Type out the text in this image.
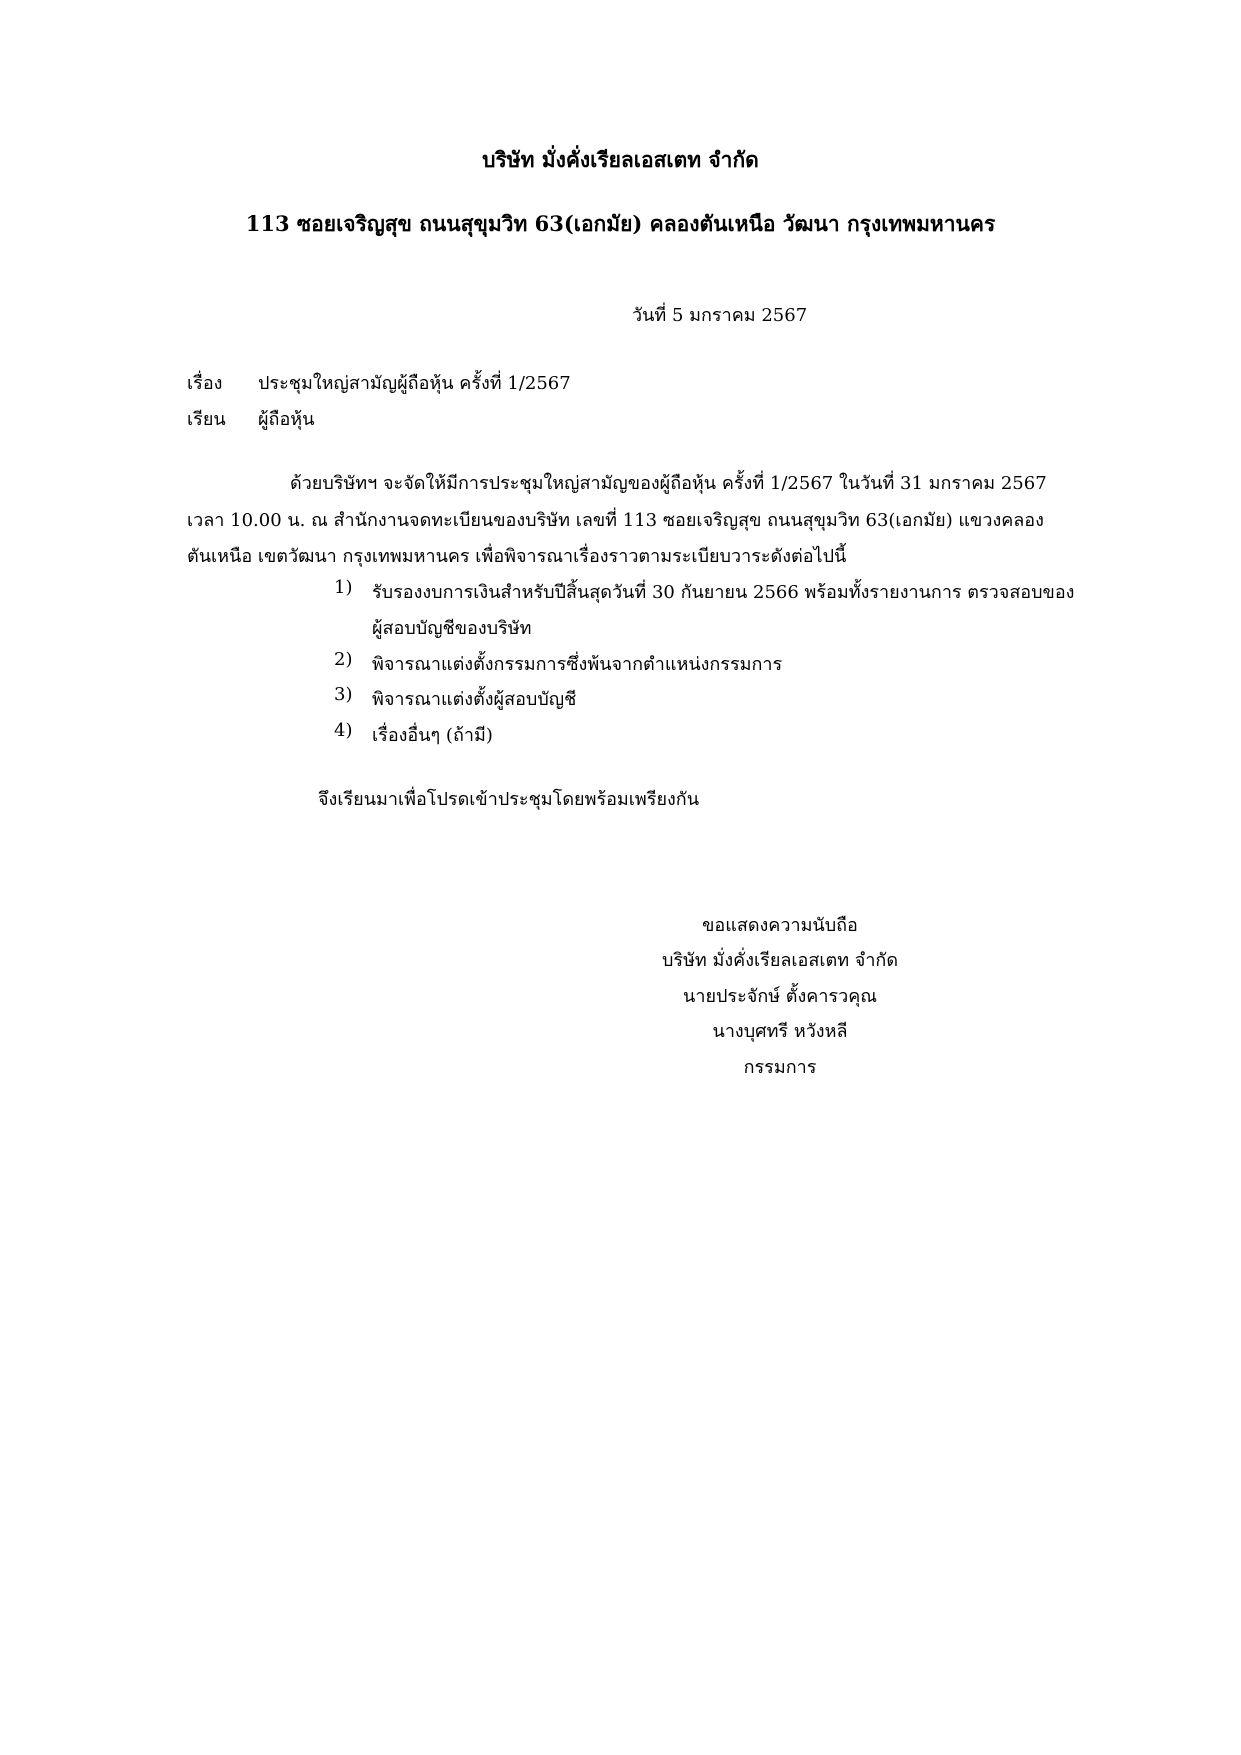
บริษัท มั่งคั่งเรียลเอสเตท จำกัด
113 ซอยเจริญสุข ถนนสุขุมวิท 63(เอกมัย) คลองตันเหนือ วัฒนา กรุงเทพมหานคร
วันที่ 5 มกราคม 2567
เรื่อง ประชุมใหญ่สามัญผู้ถือหุ้น ครั้งที่ 1/2567
เรียน ผู้ถือหุ้น
ด้วยบริษัทฯ จะจัดให้มีการประชุมใหญ่สามัญของผู้ถือหุ้น ครั้งที่ 1/2567 ในวันที่ 31 มกราคม 2567
เวลา 10.00 น. ณ สำนักงานจดทะเบียนของบริษัท เลขที่ 113 ซอยเจริญสุข ถนนสุขุมวิท 63(เอกมัย) แขวงคลอง
ตันเหนือ เขตวัฒนา กรุงเทพมหานคร เพื่อพิจารณาเรื่องราวตามระเบียบวาระดังต่อไปนี้
1) รับรองงบการเงินสำหรับปีสิ้นสุดวันที่ 30 กันยายน 2566 พร้อมทั้งรายงานการ ตรวจสอบของ
ผู้สอบบัญชีของบริษัท
2) พิจารณาแต่งตั้งกรรมการซึ่งพ้นจากตำแหน่งกรรมการ
3) พิจารณาแต่งตั้งผู้สอบบัญชี
4) เรื่องอื่นๆ (ถ้ามี)
จึงเรียนมาเพื่อโปรดเข้าประชุมโดยพร้อมเพรียงกัน
ขอแสดงความนับถือ
บริษัท มั่งคั่งเรียลเอสเตท จำกัด
นายประจักษ์ ตั้งคารวคุณ
นางบุศทรี หวังหลี
กรรมการ
